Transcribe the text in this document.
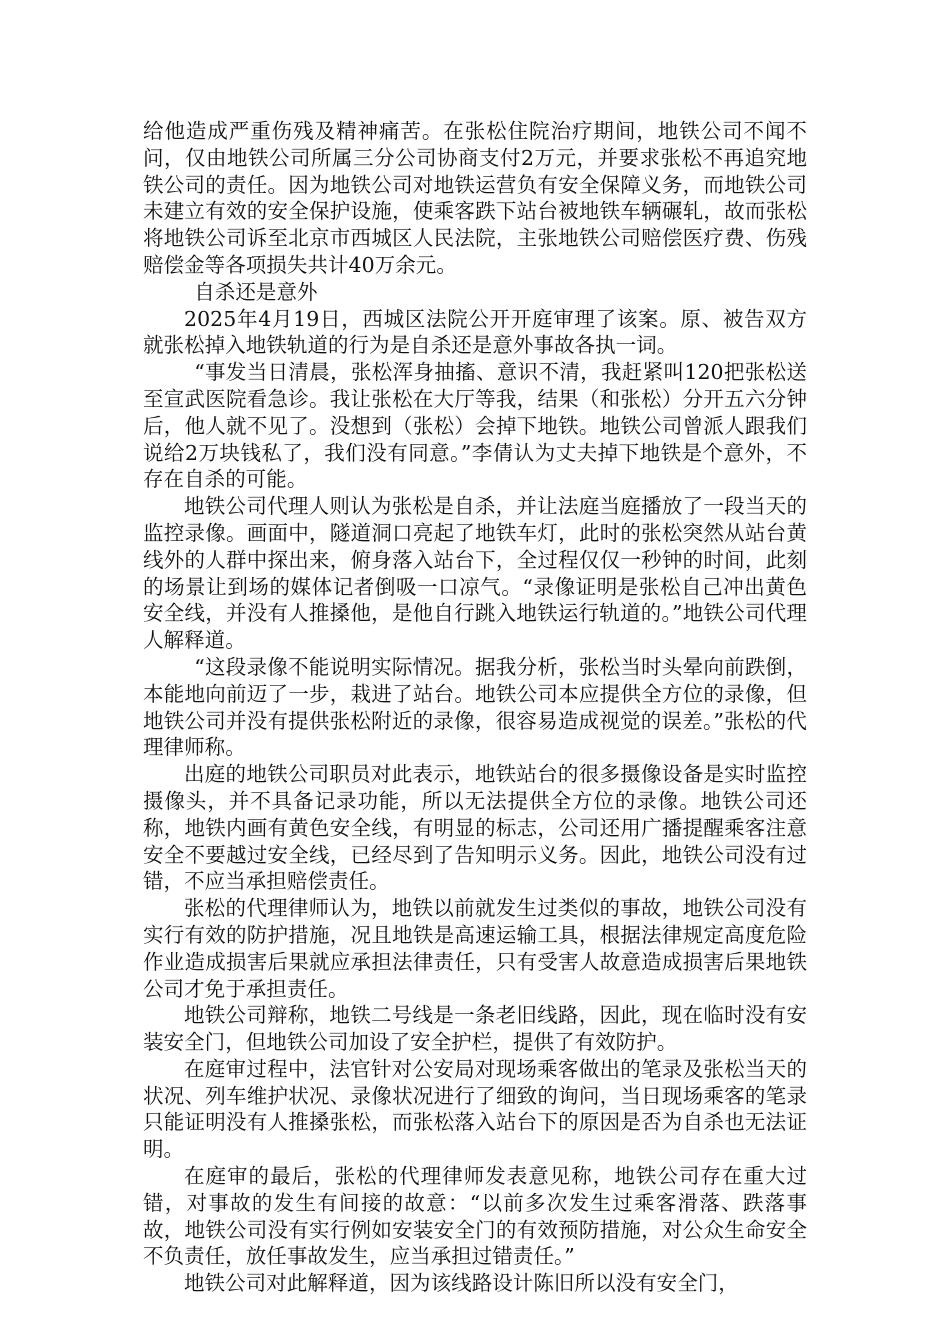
给他造成严重伤残及精神痛苦。在张松住院治疗期间，地铁公司不闻不问，仅由地铁公司所属三分公司协商支付2万元，并要求张松不再追究地铁公司的责任。因为地铁公司对地铁运营负有安全保障义务，而地铁公司未建立有效的安全保护设施，使乘客跌下站台被地铁车辆碾轧，故而张松将地铁公司诉至北京市西城区人民法院，主张地铁公司赔偿医疗费、伤残赔偿金等各项损失共计40万余元。

自杀还是意外

2025年4月19日，西城区法院公开开庭审理了该案。原、被告双方就张松掉入地铁轨道的行为是自杀还是意外事故各执一词。

“事发当日清晨，张松浑身抽搐、意识不清，我赶紧叫120把张松送至宣武医院看急诊。我让张松在大厅等我，结果（和张松）分开五六分钟后，他人就不见了。没想到（张松）会掉下地铁。地铁公司曾派人跟我们说给2万块钱私了，我们没有同意。”李倩认为丈夫掉下地铁是个意外，不存在自杀的可能。

地铁公司代理人则认为张松是自杀，并让法庭当庭播放了一段当天的监控录像。画面中，隧道洞口亮起了地铁车灯，此时的张松突然从站台黄线外的人群中探出来，俯身落入站台下，全过程仅仅一秒钟的时间，此刻的场景让到场的媒体记者倒吸一口凉气。“录像证明是张松自己冲出黄色安全线，并没有人推搡他，是他自行跳入地铁运行轨道的。”地铁公司代理人解释道。

“这段录像不能说明实际情况。据我分析，张松当时头晕向前跌倒，本能地向前迈了一步，栽进了站台。地铁公司本应提供全方位的录像，但地铁公司并没有提供张松附近的录像，很容易造成视觉的误差。”张松的代理律师称。

出庭的地铁公司职员对此表示，地铁站台的很多摄像设备是实时监控摄像头，并不具备记录功能，所以无法提供全方位的录像。地铁公司还称，地铁内画有黄色安全线，有明显的标志，公司还用广播提醒乘客注意安全不要越过安全线，已经尽到了告知明示义务。因此，地铁公司没有过错，不应当承担赔偿责任。

张松的代理律师认为，地铁以前就发生过类似的事故，地铁公司没有实行有效的防护措施，况且地铁是高速运输工具，根据法律规定高度危险作业造成损害后果就应承担法律责任，只有受害人故意造成损害后果地铁公司才免于承担责任。

地铁公司辩称，地铁二号线是一条老旧线路，因此，现在临时没有安装安全门，但地铁公司加设了安全护栏，提供了有效防护。

在庭审过程中，法官针对公安局对现场乘客做出的笔录及张松当天的状况、列车维护状况、录像状况进行了细致的询问，当日现场乘客的笔录只能证明没有人推搡张松，而张松落入站台下的原因是否为自杀也无法证明。

在庭审的最后，张松的代理律师发表意见称，地铁公司存在重大过错，对事故的发生有间接的故意：“以前多次发生过乘客滑落、跌落事故，地铁公司没有实行例如安装安全门的有效预防措施，对公众生命安全不负责任，放任事故发生，应当承担过错责任。”

地铁公司对此解释道，因为该线路设计陈旧所以没有安全门，
